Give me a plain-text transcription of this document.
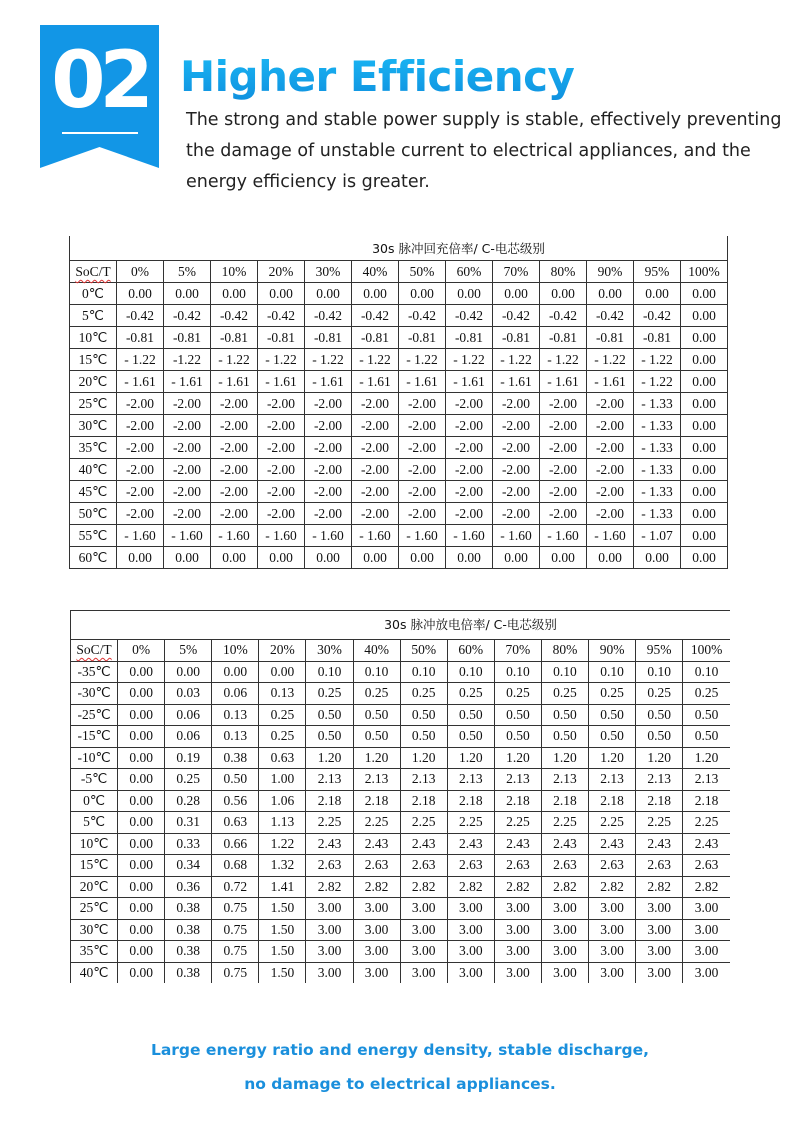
02 Higher Efficiency
The strong and stable power supply is stable, effectively preventing the damage of unstable current to electrical appliances, and the energy efficiency is greater.
30s 脉冲回充倍率/ C-电芯级别													
SoC/T	0%	5%	10%	20%	30%	40%	50%	60%	70%	80%	90%	95%	100%
0℃	0.00	0.00	0.00	0.00	0.00	0.00	0.00	0.00	0.00	0.00	0.00	0.00	0.00
5℃	-0.42	-0.42	-0.42	-0.42	-0.42	-0.42	-0.42	-0.42	-0.42	-0.42	-0.42	-0.42	0.00
10℃	-0.81	-0.81	-0.81	-0.81	-0.81	-0.81	-0.81	-0.81	-0.81	-0.81	-0.81	-0.81	0.00
15℃	- 1.22	-1.22	- 1.22	- 1.22	- 1.22	- 1.22	- 1.22	- 1.22	- 1.22	- 1.22	- 1.22	- 1.22	0.00
20℃	- 1.61	- 1.61	- 1.61	- 1.61	- 1.61	- 1.61	- 1.61	- 1.61	- 1.61	- 1.61	- 1.61	- 1.22	0.00
25℃	-2.00	-2.00	-2.00	-2.00	-2.00	-2.00	-2.00	-2.00	-2.00	-2.00	-2.00	- 1.33	0.00
30℃	-2.00	-2.00	-2.00	-2.00	-2.00	-2.00	-2.00	-2.00	-2.00	-2.00	-2.00	- 1.33	0.00
35℃	-2.00	-2.00	-2.00	-2.00	-2.00	-2.00	-2.00	-2.00	-2.00	-2.00	-2.00	- 1.33	0.00
40℃	-2.00	-2.00	-2.00	-2.00	-2.00	-2.00	-2.00	-2.00	-2.00	-2.00	-2.00	- 1.33	0.00
45℃	-2.00	-2.00	-2.00	-2.00	-2.00	-2.00	-2.00	-2.00	-2.00	-2.00	-2.00	- 1.33	0.00
50℃	-2.00	-2.00	-2.00	-2.00	-2.00	-2.00	-2.00	-2.00	-2.00	-2.00	-2.00	- 1.33	0.00
55℃	- 1.60	- 1.60	- 1.60	- 1.60	- 1.60	- 1.60	- 1.60	- 1.60	- 1.60	- 1.60	- 1.60	- 1.07	0.00
60℃	0.00	0.00	0.00	0.00	0.00	0.00	0.00	0.00	0.00	0.00	0.00	0.00	0.00
30s 脉冲放电倍率/ C-电芯级别													
SoC/T	0%	5%	10%	20%	30%	40%	50%	60%	70%	80%	90%	95%	100%
-35℃	0.00	0.00	0.00	0.00	0.10	0.10	0.10	0.10	0.10	0.10	0.10	0.10	0.10
-30℃	0.00	0.03	0.06	0.13	0.25	0.25	0.25	0.25	0.25	0.25	0.25	0.25	0.25
-25℃	0.00	0.06	0.13	0.25	0.50	0.50	0.50	0.50	0.50	0.50	0.50	0.50	0.50
-15℃	0.00	0.06	0.13	0.25	0.50	0.50	0.50	0.50	0.50	0.50	0.50	0.50	0.50
-10℃	0.00	0.19	0.38	0.63	1.20	1.20	1.20	1.20	1.20	1.20	1.20	1.20	1.20
-5℃	0.00	0.25	0.50	1.00	2.13	2.13	2.13	2.13	2.13	2.13	2.13	2.13	2.13
0℃	0.00	0.28	0.56	1.06	2.18	2.18	2.18	2.18	2.18	2.18	2.18	2.18	2.18
5℃	0.00	0.31	0.63	1.13	2.25	2.25	2.25	2.25	2.25	2.25	2.25	2.25	2.25
10℃	0.00	0.33	0.66	1.22	2.43	2.43	2.43	2.43	2.43	2.43	2.43	2.43	2.43
15℃	0.00	0.34	0.68	1.32	2.63	2.63	2.63	2.63	2.63	2.63	2.63	2.63	2.63
20℃	0.00	0.36	0.72	1.41	2.82	2.82	2.82	2.82	2.82	2.82	2.82	2.82	2.82
25℃	0.00	0.38	0.75	1.50	3.00	3.00	3.00	3.00	3.00	3.00	3.00	3.00	3.00
30℃	0.00	0.38	0.75	1.50	3.00	3.00	3.00	3.00	3.00	3.00	3.00	3.00	3.00
35℃	0.00	0.38	0.75	1.50	3.00	3.00	3.00	3.00	3.00	3.00	3.00	3.00	3.00
40℃	0.00	0.38	0.75	1.50	3.00	3.00	3.00	3.00	3.00	3.00	3.00	3.00	3.00
Large energy ratio and energy density, stable discharge,
no damage to electrical appliances.
